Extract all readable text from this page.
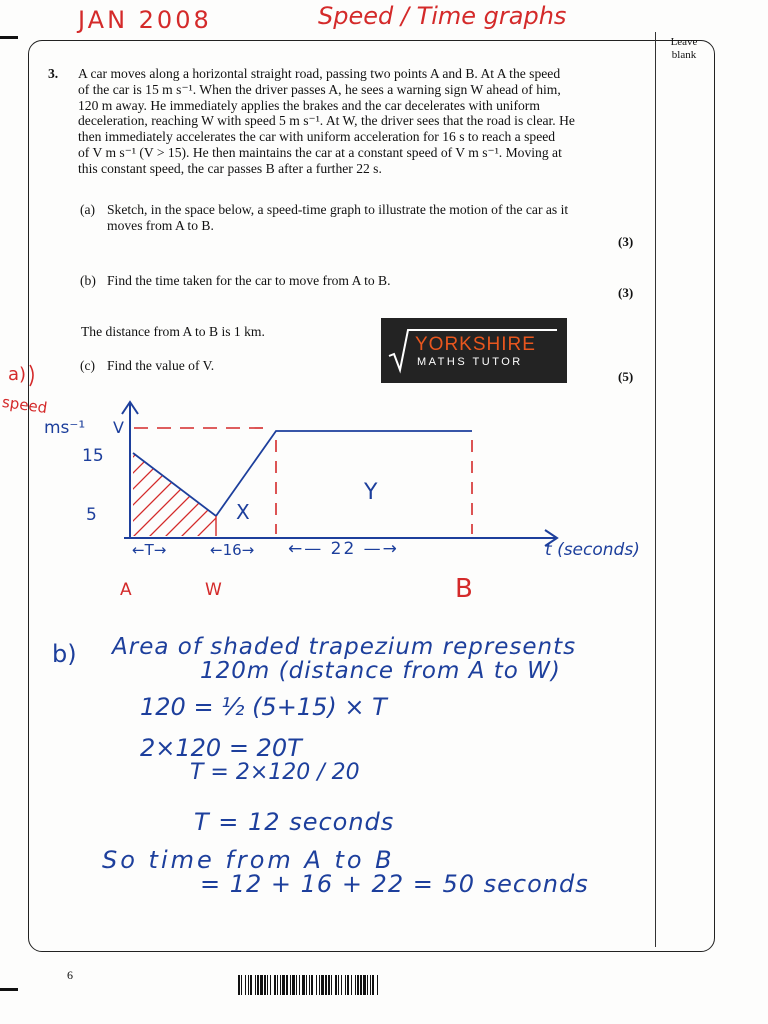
JAN 2008	Speed / Time graphs
Leave
blank
3. A car moves along a horizontal straight road, passing two points A and B. At A the speed
of the car is 15 m s⁻¹. When the driver passes A, he sees a warning sign W ahead of him,
120 m away. He immediately applies the brakes and the car decelerates with uniform
deceleration, reaching W with speed 5 m s⁻¹. At W, the driver sees that the road is clear. He
then immediately accelerates the car with uniform acceleration for 16 s to reach a speed
of V m s⁻¹ (V > 15). He then maintains the car at a constant speed of V m s⁻¹. Moving at
this constant speed, the car passes B after a further 22 s.
(a) Sketch, in the space below, a speed-time graph to illustrate the motion of the car as it
moves from A to B.
(3)
(b) Find the time taken for the car to move from A to B.
(3)
The distance from A to B is 1 km.
(c) Find the value of V.
(5)
YORKSHIRE
MATHS TUTOR
a)
speed
ms⁻¹ V
15
5	X
Y
←T→	←16→ ←— 22 —→	t (seconds)
A	W	B
b) Area of shaded trapezium represents
120m (distance from A to W)
120 = ½ (5+15) × T
2×120 = 20T
T = 2×120 / 20
T = 12 seconds
So time from A to B
= 12 + 16 + 22 = 50 seconds
6
